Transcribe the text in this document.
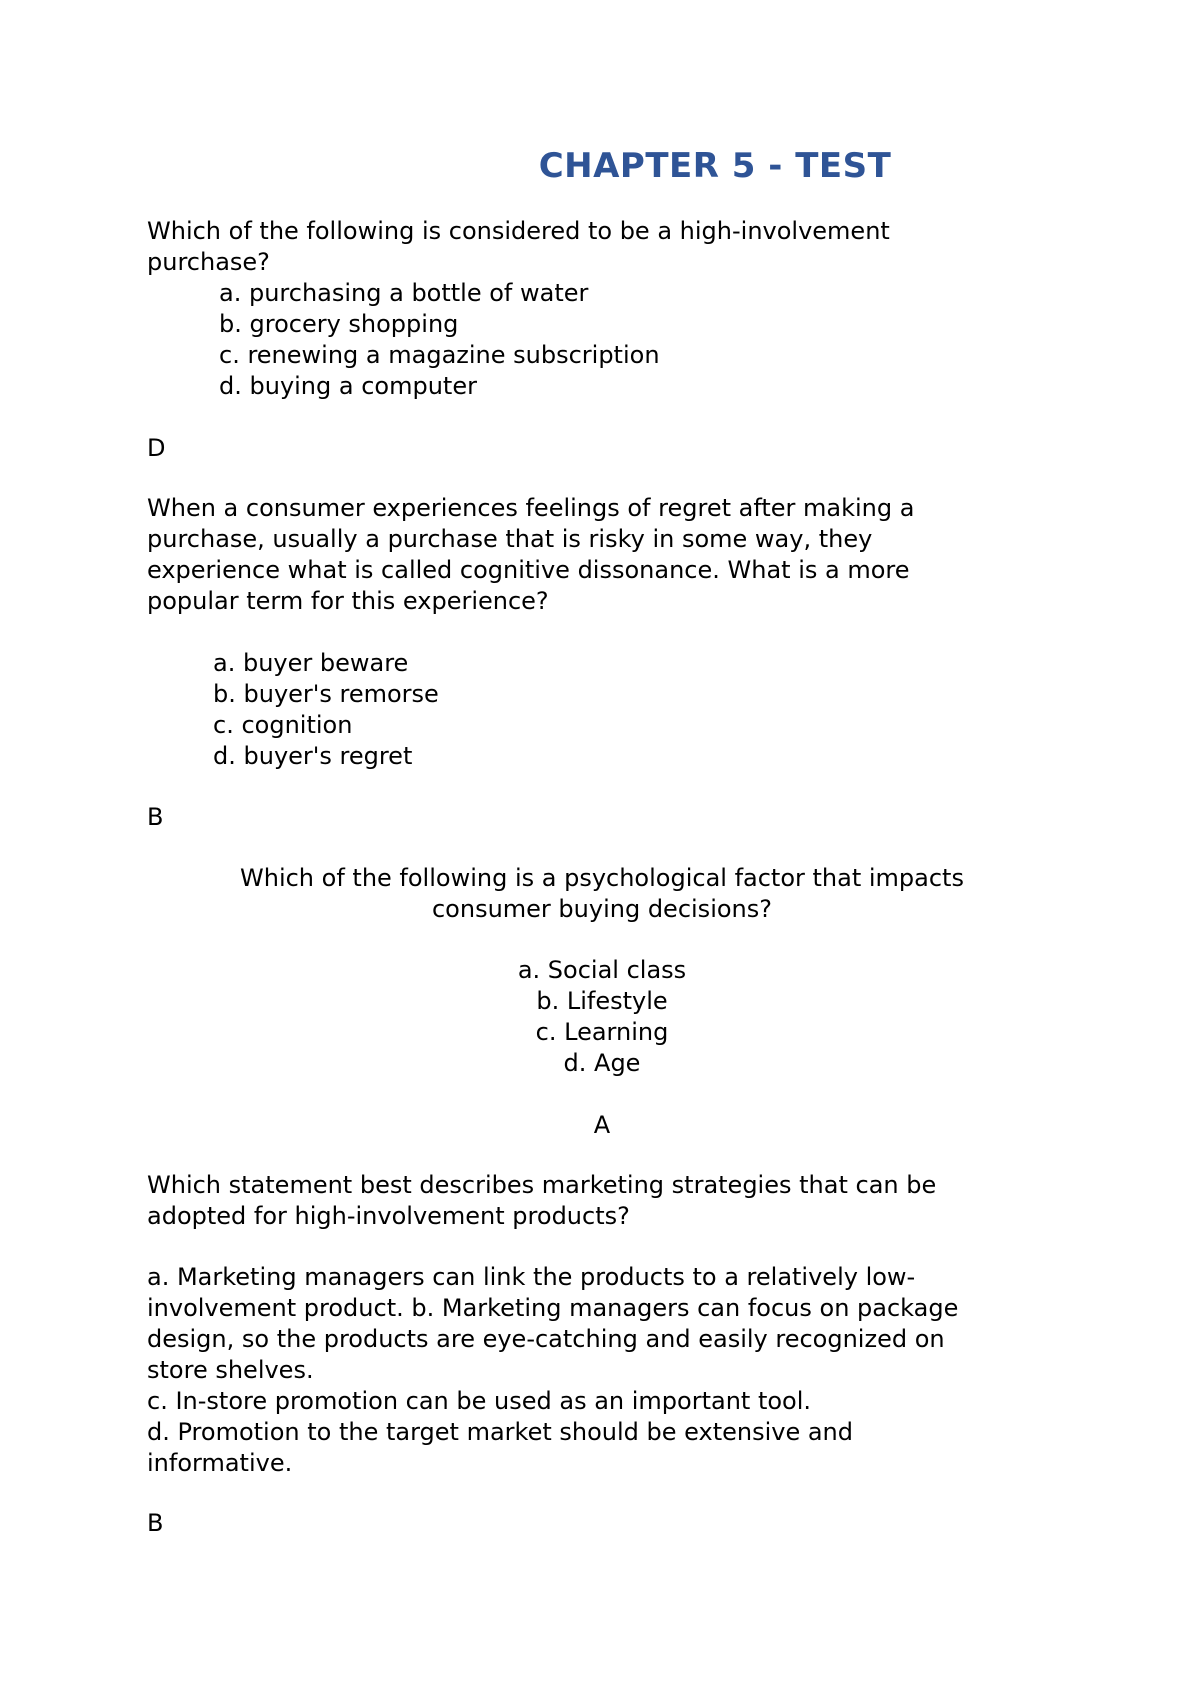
CHAPTER 5 - TEST
Which of the following is considered to be a high-involvement
purchase?
a. purchasing a bottle of water
b. grocery shopping
c. renewing a magazine subscription
d. buying a computer
D
When a consumer experiences feelings of regret after making a
purchase, usually a purchase that is risky in some way, they
experience what is called cognitive dissonance. What is a more
popular term for this experience?
a. buyer beware
b. buyer's remorse
c. cognition
d. buyer's regret
B
Which of the following is a psychological factor that impacts
consumer buying decisions?
a. Social class
b. Lifestyle
c. Learning
d. Age
A
Which statement best describes marketing strategies that can be
adopted for high-involvement products?
a. Marketing managers can link the products to a relatively low-
involvement product. b. Marketing managers can focus on package
design, so the products are eye-catching and easily recognized on
store shelves.
c. In-store promotion can be used as an important tool.
d. Promotion to the target market should be extensive and
informative.
B
